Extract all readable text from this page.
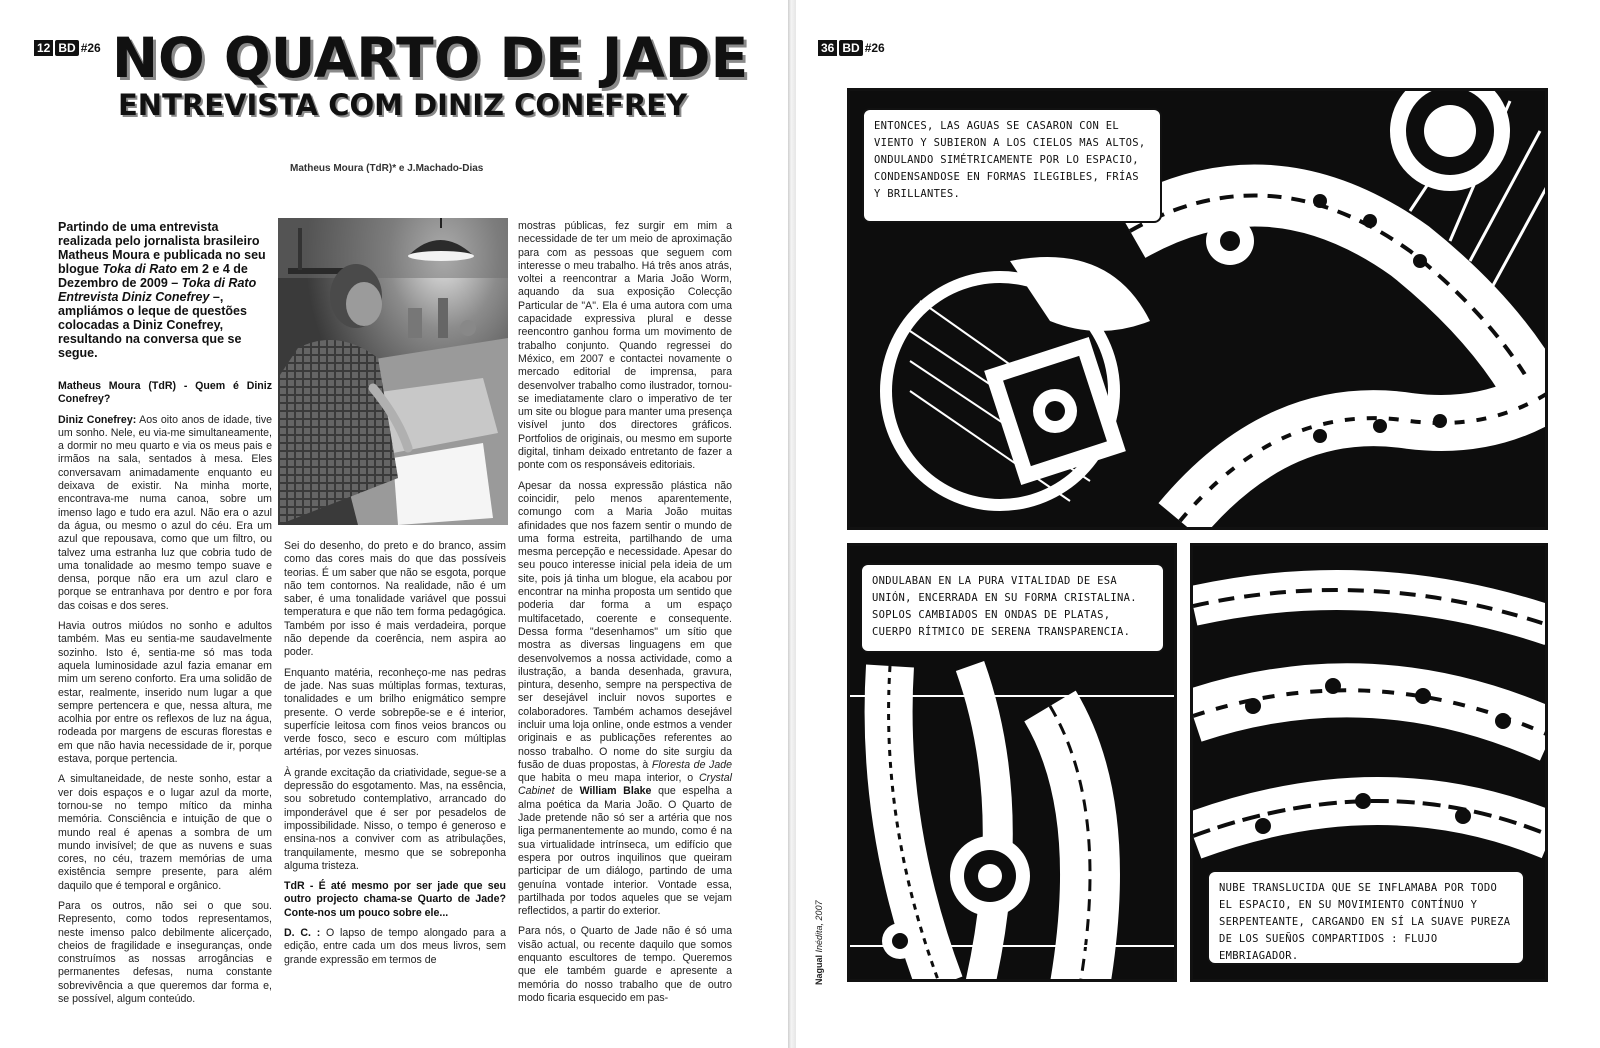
12 BD #26 NO QUARTO DE JADE
ENTREVISTA COM DINIZ CONEFREY
Matheus Moura (TdR)* e J.Machado-Dias

Partindo de uma entrevista realizada pelo jornalista brasileiro Matheus Moura e publicada no seu blogue Toka di Rato em 2 e 4 de Dezembro de 2009 – Toka di Rato Entrevista Diniz Conefrey –, ampliámos o leque de questões colocadas a Diniz Conefrey, resultando na conversa que se segue.

Matheus Moura (TdR) - Quem é Diniz Conefrey?

Diniz Conefrey: Aos oito anos de idade, tive um sonho. Nele, eu via-me simultaneamente, a dormir no meu quarto e via os meus pais e irmãos na sala, sentados à mesa. Eles conversavam animadamente enquanto eu deixava de existir. Na minha morte, encontrava-me numa canoa, sobre um imenso lago e tudo era azul. Não era o azul da água, ou mesmo o azul do céu. Era um azul que repousava, como que um filtro, ou talvez uma estranha luz que cobria tudo de uma tonalidade ao mesmo tempo suave e densa, porque não era um azul claro e porque se entranhava por dentro e por fora das coisas e dos seres.

Havia outros miúdos no sonho e adultos também. Mas eu sentia-me saudavelmente sozinho. Isto é, sentia-me só mas toda aquela luminosidade azul fazia emanar em mim um sereno conforto. Era uma solidão de estar, realmente, inserido num lugar a que sempre pertencera e que, nessa altura, me acolhia por entre os reflexos de luz na água, rodeada por margens de escuras florestas e em que não havia necessidade de ir, porque estava, porque pertencia.

A simultaneidade, de neste sonho, estar a ver dois espaços e o lugar azul da morte, tornou-se no tempo mítico da minha memória. Consciência e intuição de que o mundo real é apenas a sombra de um mundo invisível; de que as nuvens e suas cores, no céu, trazem memórias de uma existência sempre presente, para além daquilo que é temporal e orgânico.

Para os outros, não sei o que sou. Represento, como todos representamos, neste imenso palco debilmente alicerçado, cheios de fragilidade e inseguranças, onde construímos as nossas arrogâncias e permanentes defesas, numa constante sobrevivência a que queremos dar forma e, se possível, algum conteúdo.

Sei do desenho, do preto e do branco, assim como das cores mais do que das possíveis teorias. É um saber que não se esgota, porque não tem contornos. Na realidade, não é um saber, é uma tonalidade variável que possui temperatura e que não tem forma pedagógica. Também por isso é mais verdadeira, porque não depende da coerência, nem aspira ao poder.

Enquanto matéria, reconheço-me nas pedras de jade. Nas suas múltiplas formas, texturas, tonalidades e um brilho enigmático sempre presente. O verde sobrepõe-se e é interior, superfície leitosa com finos veios brancos ou verde fosco, seco e escuro com múltiplas artérias, por vezes sinuosas.

À grande excitação da criatividade, segue-se a depressão do esgotamento. Mas, na essência, sou sobretudo contemplativo, arrancado do imponderável que é ser por pesadelos de impossibilidade. Nisso, o tempo é generoso e ensina-nos a conviver com as atribulações, tranquilamente, mesmo que se sobreponha alguma tristeza.

TdR - É até mesmo por ser jade que seu outro projecto chama-se Quarto de Jade? Conte-nos um pouco sobre ele...

D. C. : O lapso de tempo alongado para a edição, entre cada um dos meus livros, sem grande expressão em termos de

mostras públicas, fez surgir em mim a necessidade de ter um meio de aproximação para com as pessoas que seguem com interesse o meu trabalho. Há três anos atrás, voltei a reencontrar a Maria João Worm, aquando da sua exposição Colecção Particular de "A". Ela é uma autora com uma capacidade expressiva plural e desse reencontro ganhou forma um movimento de trabalho conjunto. Quando regressei do México, em 2007 e contactei novamente o mercado editorial de imprensa, para desenvolver trabalho como ilustrador, tornou-se imediatamente claro o imperativo de ter um site ou blogue para manter uma presença visível junto dos directores gráficos. Portfolios de originais, ou mesmo em suporte digital, tinham deixado entretanto de fazer a ponte com os responsáveis editoriais.

Apesar da nossa expressão plástica não coincidir, pelo menos aparentemente, comungo com a Maria João muitas afinidades que nos fazem sentir o mundo de uma forma estreita, partilhando de uma mesma percepção e necessidade. Apesar do seu pouco interesse inicial pela ideia de um site, pois já tinha um blogue, ela acabou por encontrar na minha proposta um sentido que poderia dar forma a um espaço multifacetado, coerente e consequente. Dessa forma "desenhamos" um sítio que mostra as diversas linguagens em que desenvolvemos a nossa actividade, como a ilustração, a banda desenhada, gravura, pintura, desenho, sempre na perspectiva de ser desejável incluir novos suportes e colaboradores. Também achamos desejável incluir uma loja online, onde estmos a vender originais e as publicações referentes ao nosso trabalho. O nome do site surgiu da fusão de duas propostas, à Floresta de Jade que habita o meu mapa interior, o Crystal Cabinet de William Blake que espelha a alma poética da Maria João. O Quarto de Jade pretende não só ser a artéria que nos liga permanentemente ao mundo, como é na sua virtualidade intrínseca, um edifício que espera por outros inquilinos que queiram participar de um diálogo, partindo de uma genuína vontade interior. Vontade essa, partilhada por todos aqueles que se vejam reflectidos, a partir do exterior.

Para nós, o Quarto de Jade não é só uma visão actual, ou recente daquilo que somos enquanto escultores de tempo. Queremos que ele também guarde e apresente a memória do nosso trabalho que de outro modo ficaria esquecido em pas-

36 BD #26
ENTONCES, LAS AGUAS SE CASARON CON EL VIENTO Y SUBIERON A LOS CIELOS MAS ALTOS, ONDULANDO SIMÉTRICAMENTE POR LO ESPACIO, CONDENSANDOSE EN FORMAS ILEGIBLES, FRÍAS Y BRILLANTES.
ONDULABAN EN LA PURA VITALIDAD DE ESA UNIÓN, ENCERRADA EN SU FORMA CRISTALINA. SOPLOS CAMBIADOS EN ONDAS DE PLATAS, CUERPO RÍTMICO DE SERENA TRANSPARENCIA.
NUBE TRANSLUCIDA QUE SE INFLAMABA POR TODO EL ESPACIO, EN SU MOVIMIENTO CONTÍNUO Y SERPENTEANTE, CARGANDO EN SÍ LA SUAVE PUREZA DE LOS SUEÑOS COMPARTIDOS : FLUJO EMBRIAGADOR.
Nagual Inédita, 2007
